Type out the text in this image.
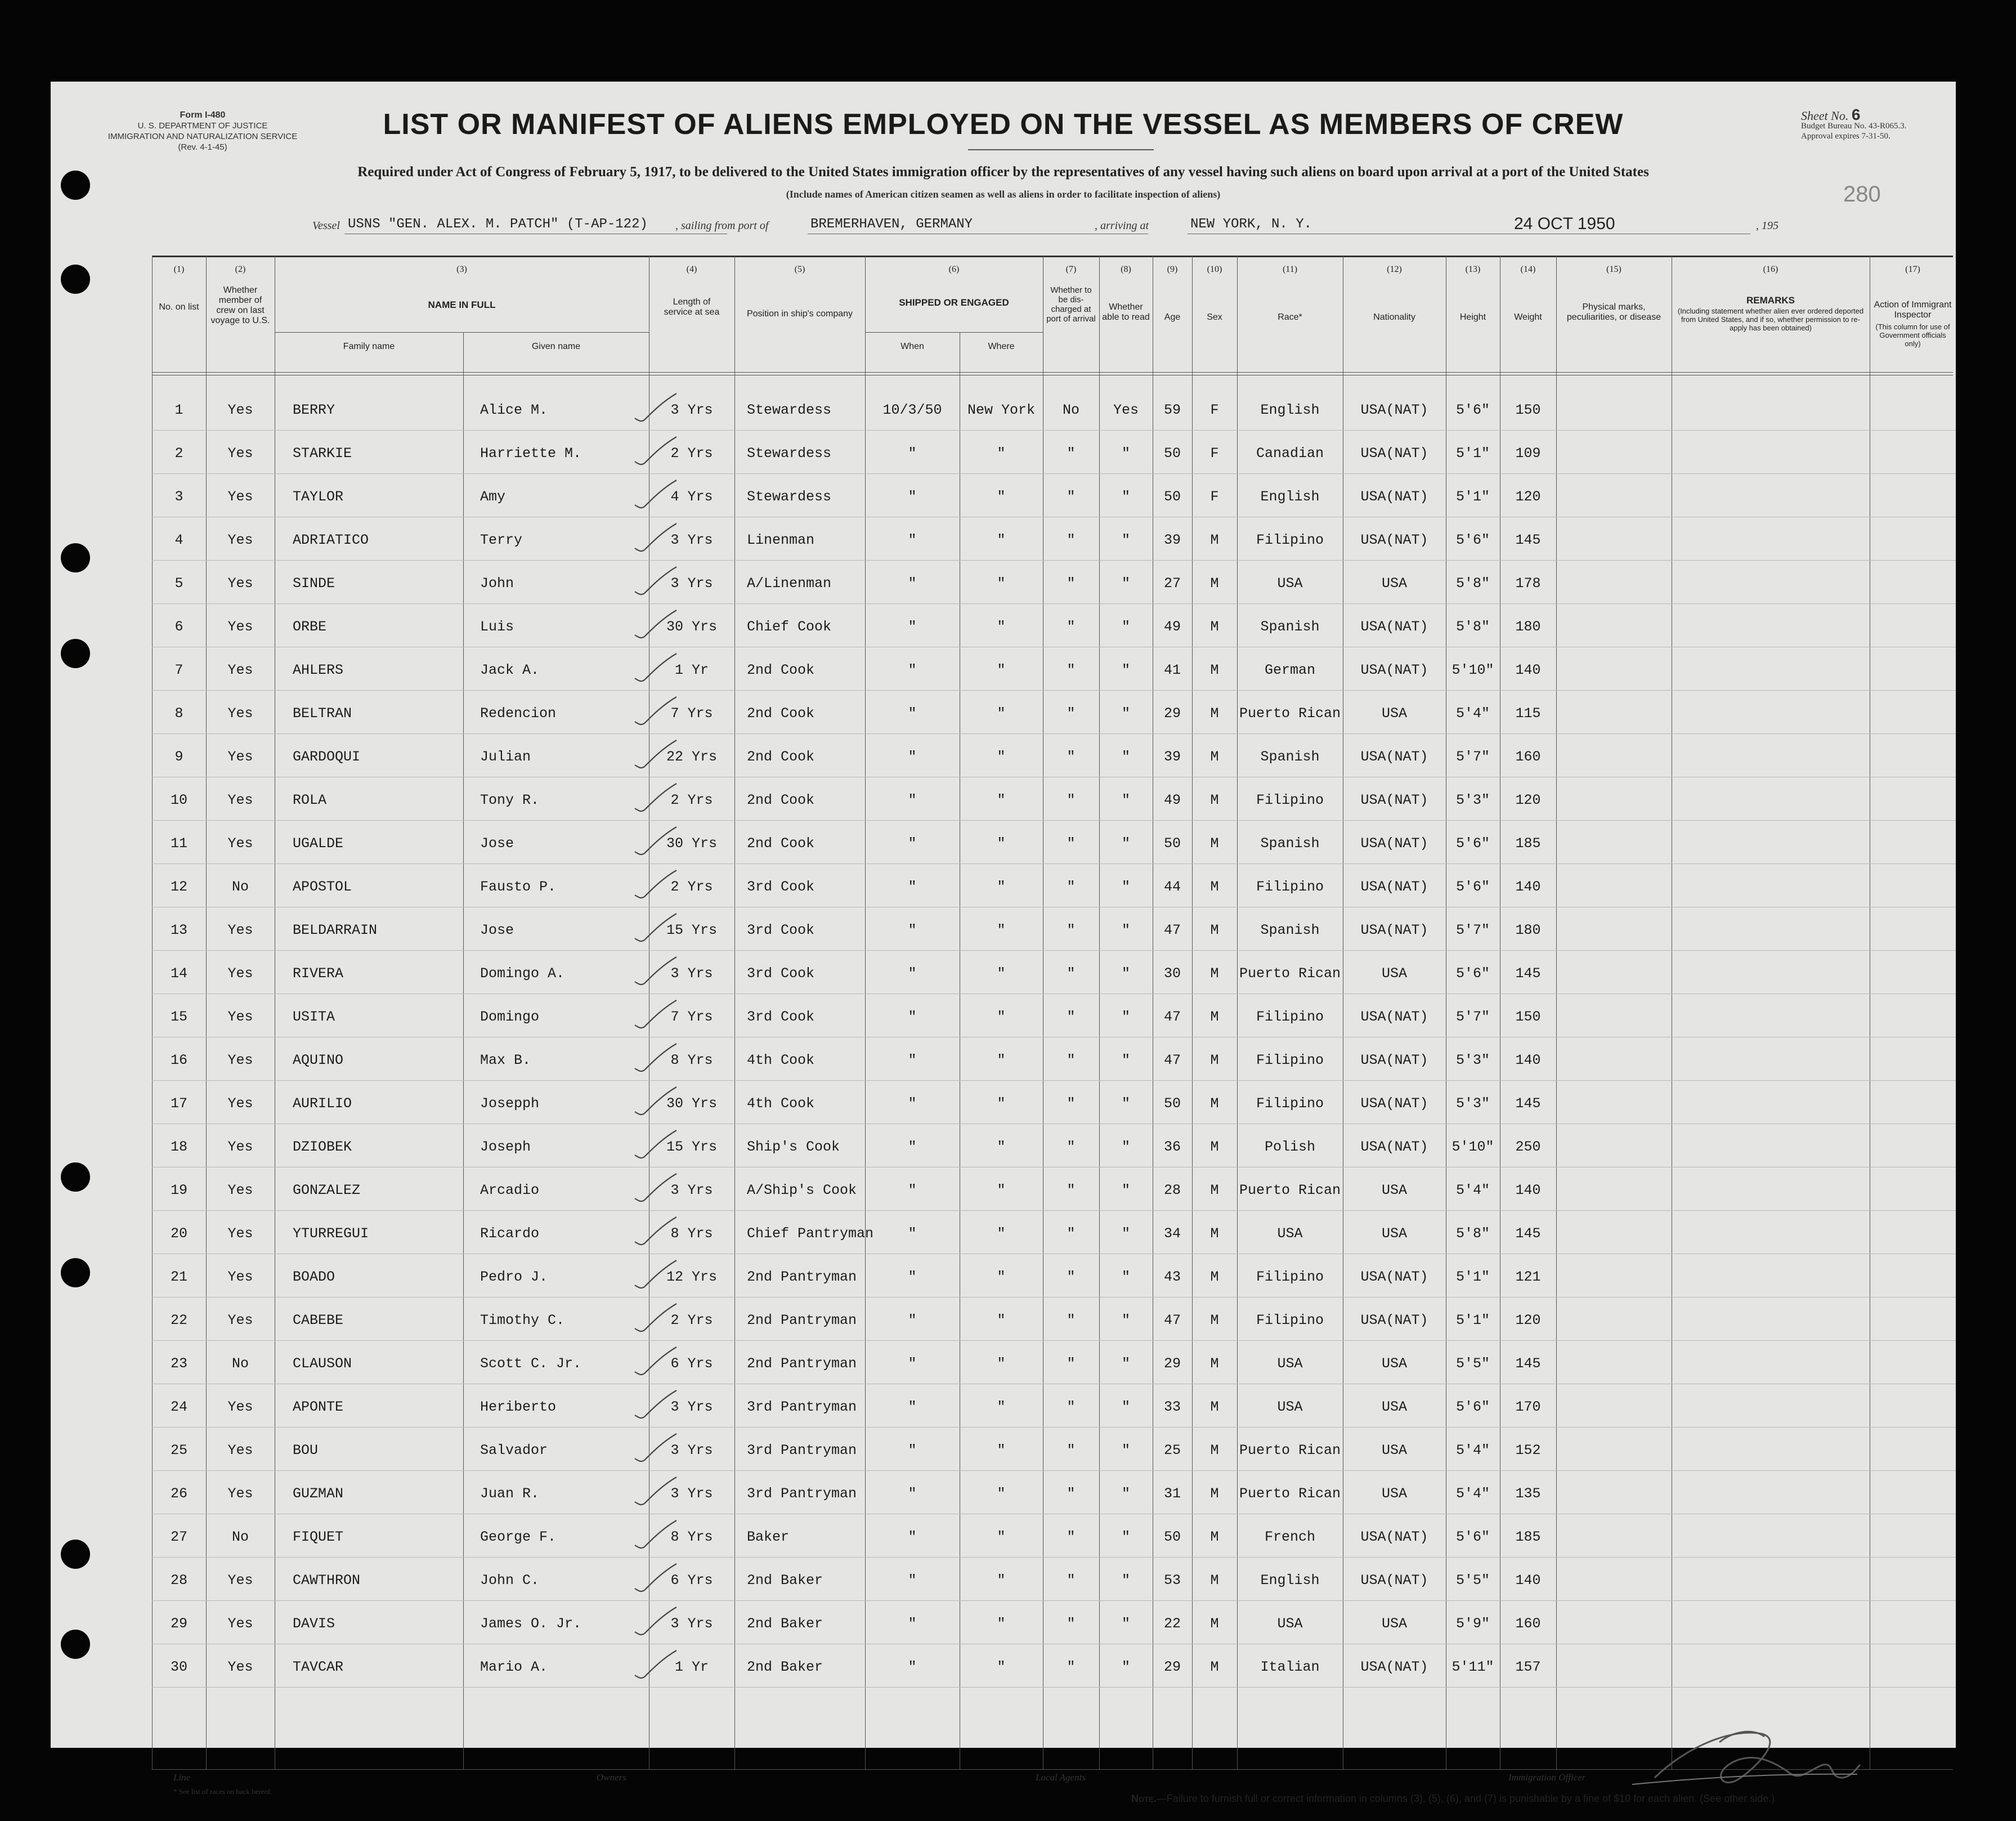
Form I-480
U. S. DEPARTMENT OF JUSTICE
IMMIGRATION AND NATURALIZATION SERVICE
(Rev. 4-1-45)
LIST OR MANIFEST OF ALIENS EMPLOYED ON THE VESSEL AS MEMBERS OF CREW	Sheet No. 6
Budget Bureau No. 43-R065.3.
Approval expires 7-31-50.
280
Required under Act of Congress of February 5, 1917, to be delivered to the United States immigration officer by the representatives of any vessel having such aliens on board upon arrival at a port of the United States
(Include names of American citizen seamen as well as aliens in order to facilitate inspection of aliens)
Vessel USNS "GEN. ALEX. M. PATCH" (T-AP-122) , sailing from port of	BREMERHAVEN, GERMANY	, arriving at	NEW YORK, N. Y.	24 OCT 1950	, 195
(1)
No. on list
(2)
Whether member of crew on last voyage to U.S.
(3)
NAME IN FULL
Family name	Given name
(4)
Length of service at sea
(5)
Position in ship's company
(6)
SHIPPED OR ENGAGED
When	Where
(7)
Whether to be dis-charged at port of arrival
(8)
Whether able to read
(9)
Age
(10)
Sex
(11)
Race*
(12)
Nationality
(13)
Height
(14)
Weight
(15)
Physical marks, peculiarities, or disease
(16)
REMARKS
(Including statement whether alien ever ordered deported from United States, and if so, whether permission to re-apply has been obtained)
(17)
Action of Immigrant Inspector
(This column for use of Government officials only)
1	Yes	BERRY	Alice M.	3 Yrs	Stewardess	10/3/50	New York	No	Yes	59	F	English	USA(NAT)	5'6"	150
2	Yes	STARKIE	Harriette M.	2 Yrs	Stewardess	"	"	"	"	50	F	Canadian	USA(NAT)	5'1"	109
3	Yes	TAYLOR	Amy	4 Yrs	Stewardess	"	"	"	"	50	F	English	USA(NAT)	5'1"	120
4	Yes	ADRIATICO	Terry	3 Yrs	Linenman	"	"	"	"	39	M	Filipino	USA(NAT)	5'6"	145
5	Yes	SINDE	John	3 Yrs	A/Linenman	"	"	"	"	27	M	USA	USA	5'8"	178
6	Yes	ORBE	Luis	30 Yrs	Chief Cook	"	"	"	"	49	M	Spanish	USA(NAT)	5'8"	180
7	Yes	AHLERS	Jack A.	1 Yr	2nd Cook	"	"	"	"	41	M	German	USA(NAT)	5'10"	140
8	Yes	BELTRAN	Redencion	7 Yrs	2nd Cook	"	"	"	"	29	M	Puerto Rican	USA	5'4"	115
9	Yes	GARDOQUI	Julian	22 Yrs	2nd Cook	"	"	"	"	39	M	Spanish	USA(NAT)	5'7"	160
10	Yes	ROLA	Tony R.	2 Yrs	2nd Cook	"	"	"	"	49	M	Filipino	USA(NAT)	5'3"	120
11	Yes	UGALDE	Jose	30 Yrs	2nd Cook	"	"	"	"	50	M	Spanish	USA(NAT)	5'6"	185
12	No	APOSTOL	Fausto P.	2 Yrs	3rd Cook	"	"	"	"	44	M	Filipino	USA(NAT)	5'6"	140
13	Yes	BELDARRAIN	Jose	15 Yrs	3rd Cook	"	"	"	"	47	M	Spanish	USA(NAT)	5'7"	180
14	Yes	RIVERA	Domingo A.	3 Yrs	3rd Cook	"	"	"	"	30	M	Puerto Rican	USA	5'6"	145
15	Yes	USITA	Domingo	7 Yrs	3rd Cook	"	"	"	"	47	M	Filipino	USA(NAT)	5'7"	150
16	Yes	AQUINO	Max B.	8 Yrs	4th Cook	"	"	"	"	47	M	Filipino	USA(NAT)	5'3"	140
17	Yes	AURILIO	Josepph	30 Yrs	4th Cook	"	"	"	"	50	M	Filipino	USA(NAT)	5'3"	145
18	Yes	DZIOBEK	Joseph	15 Yrs	Ship's Cook	"	"	"	"	36	M	Polish	USA(NAT)	5'10"	250
19	Yes	GONZALEZ	Arcadio	3 Yrs	A/Ship's Cook	"	"	"	"	28	M	Puerto Rican	USA	5'4"	140
20	Yes	YTURREGUI	Ricardo	8 Yrs	Chief Pantryman	"	"	"	"	34	M	USA	USA	5'8"	145
21	Yes	BOADO	Pedro J.	12 Yrs	2nd Pantryman	"	"	"	"	43	M	Filipino	USA(NAT)	5'1"	121
22	Yes	CABEBE	Timothy C.	2 Yrs	2nd Pantryman	"	"	"	"	47	M	Filipino	USA(NAT)	5'1"	120
23	No	CLAUSON	Scott C. Jr.	6 Yrs	2nd Pantryman	"	"	"	"	29	M	USA	USA	5'5"	145
24	Yes	APONTE	Heriberto	3 Yrs	3rd Pantryman	"	"	"	"	33	M	USA	USA	5'6"	170
25	Yes	BOU	Salvador	3 Yrs	3rd Pantryman	"	"	"	"	25	M	Puerto Rican	USA	5'4"	152
26	Yes	GUZMAN	Juan R.	3 Yrs	3rd Pantryman	"	"	"	"	31	M	Puerto Rican	USA	5'4"	135
27	No	FIQUET	George F.	8 Yrs	Baker	"	"	"	"	50	M	French	USA(NAT)	5'6"	185
28	Yes	CAWTHRON	John C.	6 Yrs	2nd Baker	"	"	"	"	53	M	English	USA(NAT)	5'5"	140
29	Yes	DAVIS	James O. Jr.	3 Yrs	2nd Baker	"	"	"	"	22	M	USA	USA	5'9"	160
30	Yes	TAVCAR	Mario A.	1 Yr	2nd Baker	"	"	"	"	29	M	Italian	USA(NAT)	5'11"	157
Line	Owners	Local Agents	Immigration Officer
* See list of races on back hereof.
Note.—Failure to furnish full or correct information in columns (3), (5), (6), and (7) is punishable by a fine of $10 for each alien. (See other side.)
